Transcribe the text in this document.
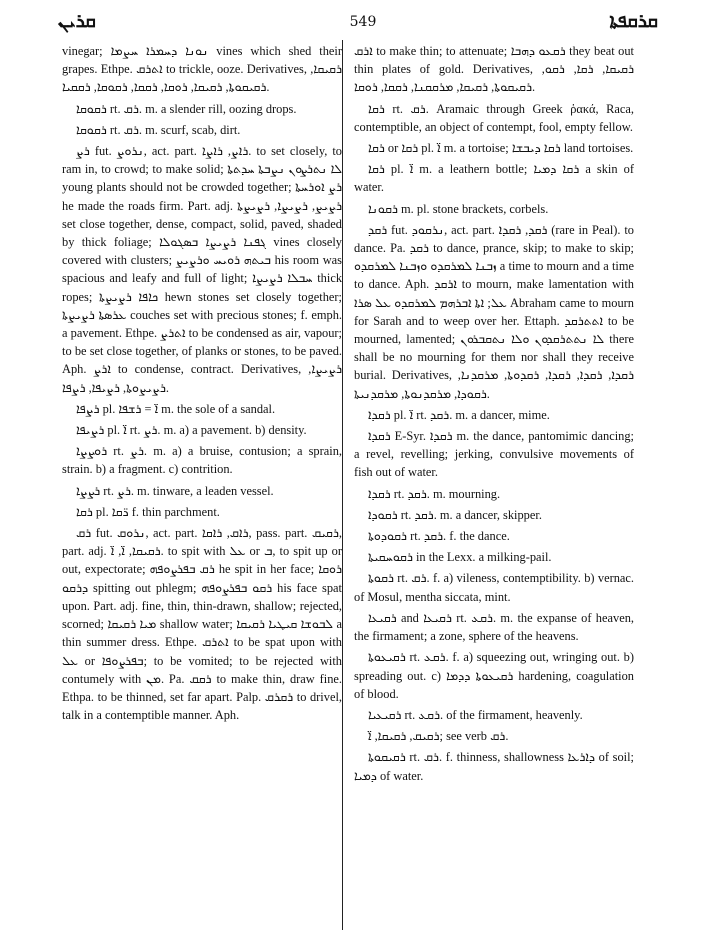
ܩܪܝܢ	549	ܩܪܩܦܬܐ

vinegar; ܢܘܢܐ ܕܚܡܪܐ ܚܨܡܐ vines which shed their grapes. Ethpe. ܐܬܪܩ to trickle, ooze. Derivatives, ܪܩܝܩܐ, ܪܩܝܩܘܬܐ, ܪܩܝܩܐ, ܪܘܩܐ, ܪܩܩܐ, ܪܩܘܩܐ, ܪܩܩܝܐ.

ܪܩܘܩܐ rt. ܪܩ. m. a slender rill, oozing drops.

ܪܩܘܩܐ rt. ܪܩ. m. scurf, scab, dirt.

ܪܨ fut. ܢܪܘܨ, act. part. ܪܐܨ, ܪܐܨܐ. to set closely, to ram in, to crowd; to make solid; ܠܐ ܢܬܪܨܘܢ ܢܨܒܬܐ ܚܕܬܬܐ young plants should not be crowded together; ܪܨ ܐܘܪܚܬܐ he made the roads firm. Part. adj. ܪܨܝܨ, ܪܨܝܨܐ, ܪܨܝܨܬܐ set close together, dense, compact, solid, paved, shaded by thick foliage; ܓܦܢܐ ܪܨܝܨܐ ܒܣܓܘܠܐ vines closely covered with clusters; ܒܝܬܗ ܪܘܝܚ ܘܪܨܝܨ his room was spacious and leafy and full of light; ܚܒܠܐ ܪܨܝܨܐ thick ropes; ܟܐܦܐ ܪܨܝܨܬܐ hewn stones set closely together; ܥܪܣܬܐ ܪܨܝܨܬܐ couches set with precious stones; f. emph. a pavement. Ethpe. ܐܬܪܨ to be condensed as air, vapour; to be set close together, of planks or stones, to be paved. Aph. ܐܪܨ to condense, contract. Derivatives, ܪܨܝܨܐ, ܪܨܝܨܘܬܐ, ܪܨܝܦܐ, ܪܨܦܐ.

ܪܨܦܐ pl. ܐ̈ = ܪܫܦܐ m. the sole of a sandal.

ܪܨܝܦܐ pl. ܐ̈ rt. ܪܨ. m. a) a pavement. b) density.

ܪܘܨܨܐ rt. ܪܨ. m. a) a bruise, contusion; a sprain, strain. b) a fragment. c) contrition.

ܪܨܨܐ rt. ܪܨ. m. tinware, a leaden vessel.

ܪܩܐ pl. ܪ̈ܩܐ f. thin parchment.

ܪܩ fut. ܢܪܘܩ, act. part. ܪܐܩ, ܪܐܩܐ, pass. part. ܪܩܝܩ, part. adj. ܪܩܝܩܐ, ܐ̈, ܐ̈. to spit with ܥܠ or ܒ, to spit up or out, expectorate; ܪܩ ܒܦܪܨܘܦܗ he spit in her face; ܪܘܩܐ ܕܪܩܘ spitting out phlegm; ܪܩܘ ܒܦܪܨܘܦܗ his face spat upon. Part. adj. fine, thin, thin-drawn, shallow; rejected, scorned; ܡܝܐ ܪܩܝܩܐ shallow water; ܠܒܘܫܐ ܩܝܛܝܐ ܪܩܝܩܐ a thin summer dress. Ethpe. ܐܬܪܩ to be spat upon with ܥܠ or ܒܦܪܨܘܦܐ; to be vomited; to be rejected with contumely with ܡܢ. Pa. ܪܩܩ to make thin, draw fine. Ethpa. to be thinned, set far apart. Palp. ܪܩܪܩ to drivel, talk in a contemptible manner. Aph.

ܐܪܩ to make thin; to attenuate; ܪܩܥܘ ܕܗܒܐ they beat out thin plates of gold. Derivatives, ܪܩܝܩܐ, ܪܩܐ, ܪܩܘ, ܪܩܝܩܘܬܐ, ܪܩܝܩܐ, ܡܪܩܩܢܐ, ܪܩܩܐ, ܪܘܩܐ.

ܪܩܐ rt. ܪܩ. Aramaic through Greek ῥακά, Raca, contemptible, an object of contempt, fool, empty fellow.

ܪܩܐ or ܪܩܐ pl. ܐ̈ m. a tortoise; ܪܩܐ ܕܝܒܫܐ land tortoises.

ܪܩܐ pl. ܐ̈ m. a leathern bottle; ܪܩܐ ܕܡܝܐ a skin of water.

ܪܩܘܢܐ m. pl. stone brackets, corbels.

ܪܩܕ fut. ܢܪܩܘܕ, act. part. ܪܩܕ, ܪܩܕܐ (rare in Peal). to dance. Pa. ܪܩܕ to dance, prance, skip; to make to skip; ܙܒܢܐ ܠܡܪܩܕܘ ܘܙܒܢܐ ܠܡܪܩܕܘ a time to mourn and a time to dance. Aph. ܐܪܩܕ to mourn, make lamentation with ܥܠ; ܐܬܐ ܐܒܪܗܡ ܠܡܪܩܕܘ ܥܠ ܣܪܐ Abraham came to mourn for Sarah and to weep over her. Ettaph. ܐܬܬܪܩܕ to be mourned, lamented; ܠܐ ܢܬܬܪܩܕܘܢ ܘܠܐ ܢܬܩܒܪܘܢ there shall be no mourning for them nor shall they receive burial. Derivatives, ܪܩܕܐ, ܪܩܕܐ, ܪܩܕܐ, ܪܩܕܘܬܐ, ܡܪܩܕܢܐ, ܪܩܘܕܐ, ܡܪܩܕܢܘܬܐ, ܡܪܩܕܢܝܬܐ.

ܪܩܕܐ pl. ܐ̈ rt. ܪܩܕ. m. a dancer, mime.

ܪܩܕܐ E-Syr. ܪܩܕܐ m. the dance, pantomimic dancing; a revel, revelling; jerking, convulsive movements of fish out of water.

ܪܩܕܐ rt. ܪܩܕ. m. mourning.

ܪܩܘܕܐ rt. ܪܩܕ. m. a dancer, skipper.

ܪܩܘܕܘܬܐ rt. ܪܩܕ. f. the dance.

ܪܩܘܚܩܝܬܐ in the Lexx. a milking-pail.

ܪܩܘܬܐ rt. ܪܩ. f. a) vileness, contemptibility. b) vernac. of Mosul, mentha siccata, mint.

ܪܩܝܥܐ and ܪܩܝܥܐ rt. ܪܩܥ. m. the expanse of heaven, the firmament; a zone, sphere of the heavens.

ܪܩܝܥܘܬܐ rt. ܪܩܥ. f. a) squeezing out, wringing out. b) spreading out. c) ܪܩܝܥܘܬܐ ܕܕܡܐ hardening, coagulation of blood.

ܪܩܝܥܝܐ rt. ܪܩܥ. of the firmament, heavenly.

ܪܩܝܩ, ܪܩܝܩܐ, ܐ̈; see verb ܪܩ.

ܪܩܝܩܘܬܐ rt. ܪܩ. f. thinness, shallowness ܕܐܪܥܐ of soil; ܕܡܝܐ of water.
